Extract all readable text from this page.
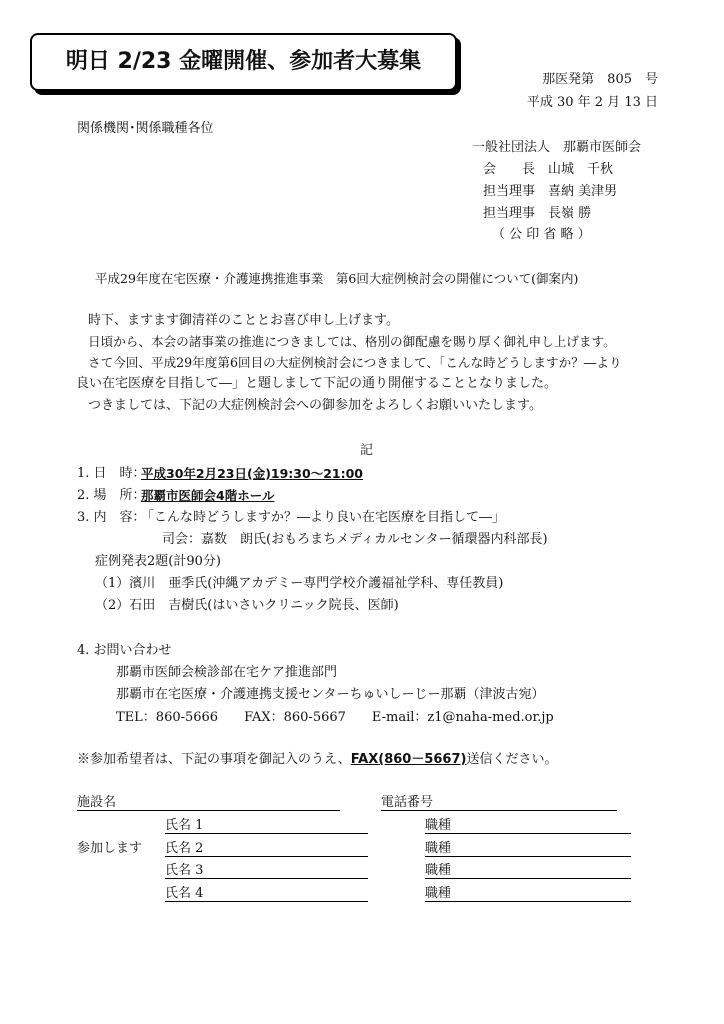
明日 2/23 金曜開催、参加者大募集
那医発第　805　号
平成 30 年 2 月 13 日
関係機関･関係職種各位
一般社団法人　那覇市医師会
会　　長　山城　千秋
担当理事　喜納 美津男
担当理事　長嶺 勝
（ 公 印 省 略 ）
平成29年度在宅医療・介護連携推進事業　第6回大症例検討会の開催について(御案内)
時下、ますます御清祥のこととお喜び申し上げます。
日頃から、本会の諸事業の推進につきましては、格別の御配慮を賜り厚く御礼申し上げます。
さて今回、平成29年度第6回目の大症例検討会につきまして、「こんな時どうしますか？―より
良い在宅医療を目指して―」と題しまして下記の通り開催することとなりました。
つきましては、下記の大症例検討会への御参加をよろしくお願いいたします。
記
1. 日　時：
平成30年2月23日(金)19:30～21:00
2. 場　所：
那覇市医師会4階ホール
3. 内　容：
「こんな時どうしますか？―より良い在宅医療を目指して―」
司会：嘉数　朗氏(おもろまちメディカルセンター循環器内科部長)
症例発表2題(計90分)
（1）濱川　亜季氏(沖縄アカデミー専門学校介護福祉学科、専任教員)
（2）石田　吉樹氏(はいさいクリニック院長、医師)
4. お問い合わせ
那覇市医師会検診部在宅ケア推進部門
那覇市在宅医療・介護連携支援センターちゅいしーじー那覇（津波古宛）
TEL：860-5666　　FAX：860-5667　　E-mail：z1@naha-med.or.jp
※参加希望者は、下記の事項を御記入のうえ、FAX(860－5667)送信ください。
施設名	電話番号
氏名 1	職種
参加します 氏名 2	職種
氏名 3	職種
氏名 4	職種
